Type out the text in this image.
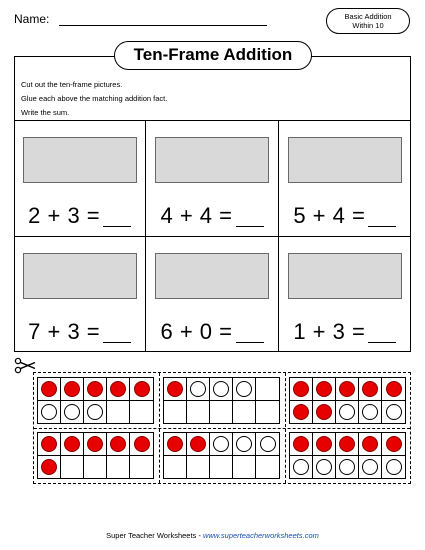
Name:	Basic Addition
Within 10
Ten-Frame Addition
Cut out the ten-frame pictures.
Glue each above the matching addition fact.
Write the sum.
2 + 3 =	4 + 4 =	5 + 4 =
7 + 3 =	6 + 0 =	1 + 3 =
Super Teacher Worksheets - www.superteacherworksheets.com
